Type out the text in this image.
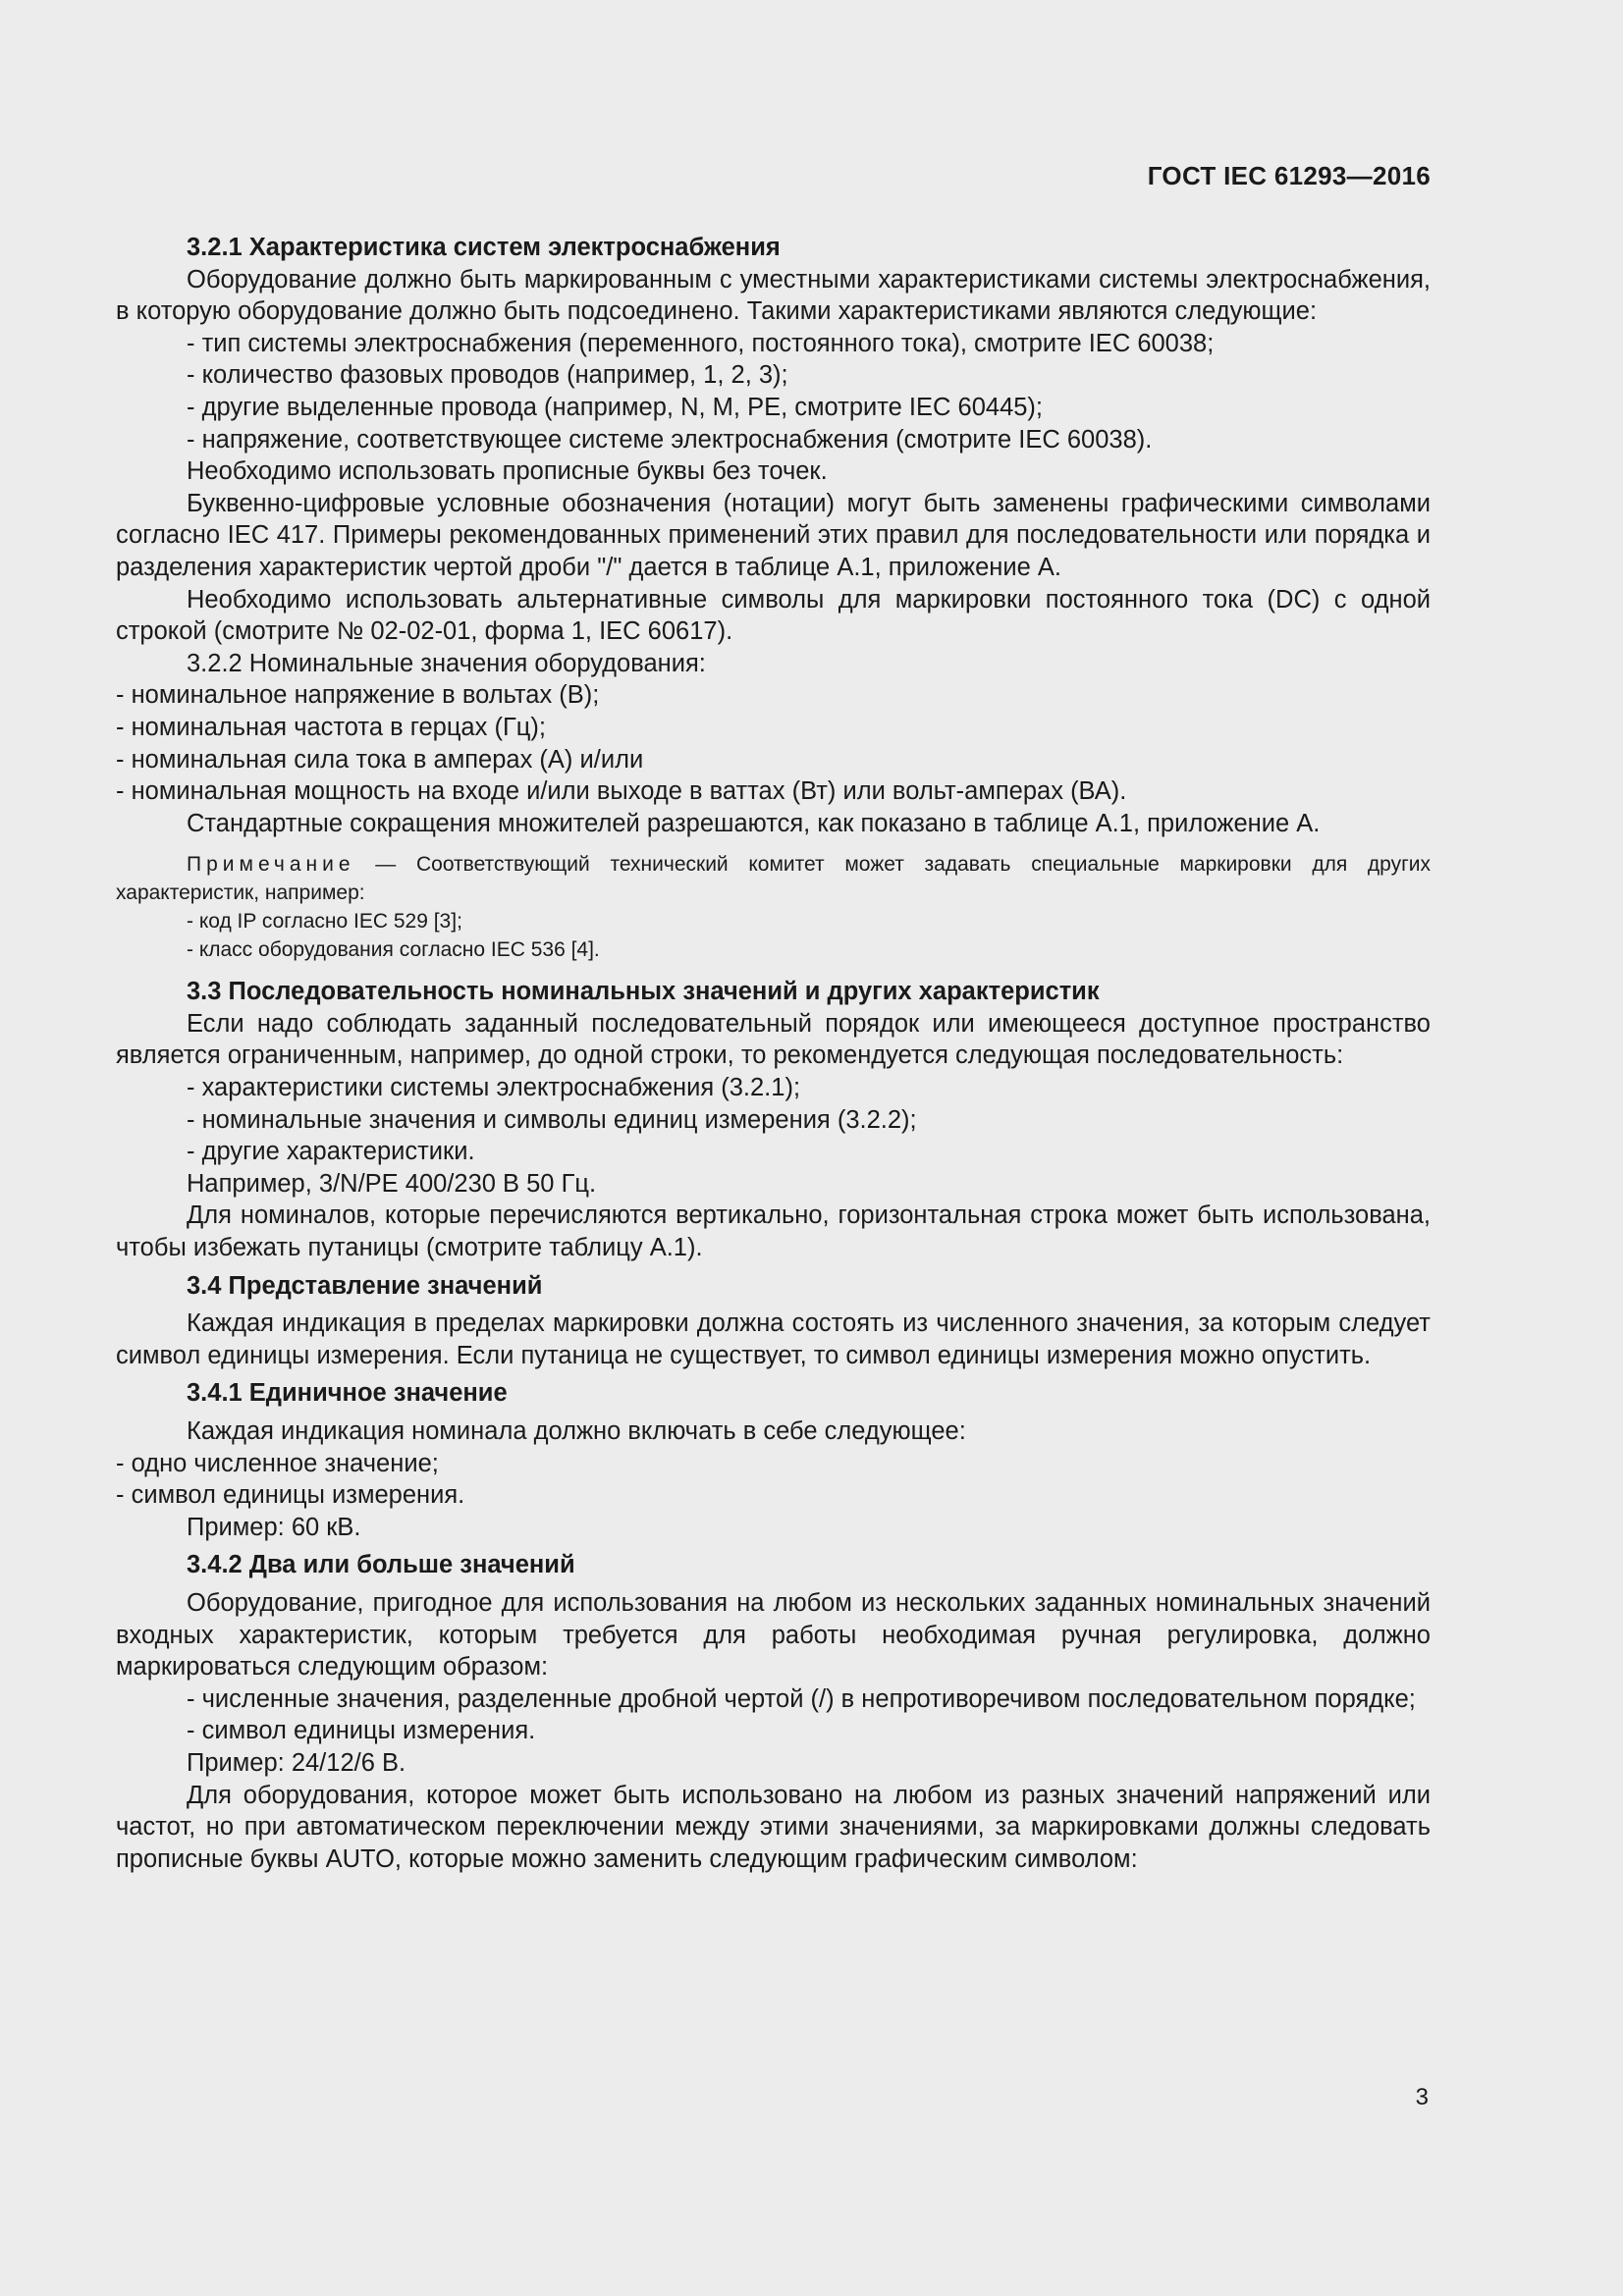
ГОСТ IEC 61293—2016
3.2.1 Характеристика систем электроснабжения
Оборудование должно быть маркированным с уместными характеристиками системы электроснабжения, в которую оборудование должно быть подсоединено. Такими характеристиками являются следующие:
- тип системы электроснабжения (переменного, постоянного тока), смотрите IEC 60038;
- количество фазовых проводов (например, 1, 2, 3);
- другие выделенные провода (например, N, M, PE, смотрите IEC 60445);
- напряжение, соответствующее системе электроснабжения (смотрите IEC 60038).
Необходимо использовать прописные буквы без точек.
Буквенно-цифровые условные обозначения (нотации) могут быть заменены графическими символами согласно IEC 417. Примеры рекомендованных применений этих правил для последовательности или порядка и разделения характеристик чертой дроби "/" дается в таблице А.1, приложение А.
Необходимо использовать альтернативные символы для маркировки постоянного тока (DC) с одной строкой (смотрите № 02-02-01, форма 1, IEC 60617).
3.2.2 Номинальные значения оборудования:
- номинальное напряжение в вольтах (В);
- номинальная частота в герцах (Гц);
- номинальная сила тока в амперах (А) и/или
- номинальная мощность на входе и/или выходе в ваттах (Вт) или вольт-амперах (ВА).
Стандартные сокращения множителей разрешаются, как показано в таблице А.1, приложение А.
Примечание — Соответствующий технический комитет может задавать специальные маркировки для других характеристик, например:
- код IP согласно IEC 529 [3];
- класс оборудования согласно IEC 536 [4].
3.3 Последовательность номинальных значений и других характеристик
Если надо соблюдать заданный последовательный порядок или имеющееся доступное пространство является ограниченным, например, до одной строки, то рекомендуется следующая последовательность:
- характеристики системы электроснабжения (3.2.1);
- номинальные значения и символы единиц измерения (3.2.2);
- другие характеристики.
Например, 3/N/PE 400/230 В 50 Гц.
Для номиналов, которые перечисляются вертикально, горизонтальная строка может быть использована, чтобы избежать путаницы (смотрите таблицу А.1).
3.4 Представление значений
Каждая индикация в пределах маркировки должна состоять из численного значения, за которым следует символ единицы измерения. Если путаница не существует, то символ единицы измерения можно опустить.
3.4.1 Единичное значение
Каждая индикация номинала должно включать в себе следующее:
- одно численное значение;
- символ единицы измерения.
Пример: 60 кВ.
3.4.2 Два или больше значений
Оборудование, пригодное для использования на любом из нескольких заданных номинальных значений входных характеристик, которым требуется для работы необходимая ручная регулировка, должно маркироваться следующим образом:
- численные значения, разделенные дробной чертой (/) в непротиворечивом последовательном порядке;
- символ единицы измерения.
Пример: 24/12/6 В.
Для оборудования, которое может быть использовано на любом из разных значений напряжений или частот, но при автоматическом переключении между этими значениями, за маркировками должны следовать прописные буквы AUTO, которые можно заменить следующим графическим символом:
3
